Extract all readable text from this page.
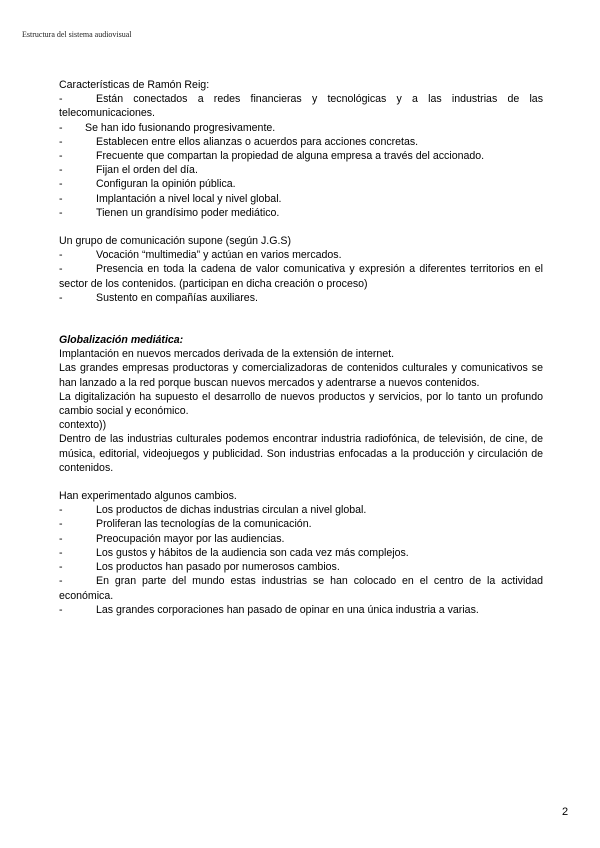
Estructura del sistema audiovisual

Características de Ramón Reig:

-	Están conectados a redes financieras y tecnológicas y a las industrias de las telecomunicaciones.
- Se han ido fusionando progresivamente.
-	Establecen entre ellos alianzas o acuerdos para acciones concretas.
-	Frecuente que compartan la propiedad de alguna empresa a través del accionado.
-	Fijan el orden del día.
-	Configuran la opinión pública.
-	Implantación a nivel local y nivel global.
-	Tienen un grandísimo poder mediático.

Un grupo de comunicación supone (según J.G.S)

-	Vocación “multimedia” y actúan en varios mercados.
-	Presencia en toda la cadena de valor comunicativa y expresión a diferentes territorios en el sector de los contenidos. (participan en dicha creación o proceso)
-	Sustento en compañías auxiliares.

Globalización mediática:

Implantación en nuevos mercados derivada de la extensión de internet.

Las grandes empresas productoras y comercializadoras de contenidos culturales y comunicativos se han lanzado a la red porque buscan nuevos mercados y adentrarse a nuevos contenidos.

La digitalización ha supuesto el desarrollo de nuevos productos y servicios, por lo tanto un profundo cambio social y económico.

contexto))

Dentro de las industrias culturales podemos encontrar industria radiofónica, de televisión, de cine, de música, editorial, videojuegos y publicidad. Son industrias enfocadas a la producción y circulación de contenidos.

Han experimentado algunos cambios.

-	Los productos de dichas industrias circulan a nivel global.
-	Proliferan las tecnologías de la comunicación.
-	Preocupación mayor por las audiencias.
-	Los gustos y hábitos de la audiencia son cada vez más complejos.
-	Los productos han pasado por numerosos cambios.
-	En gran parte del mundo estas industrias se han colocado en el centro de la actividad económica.
-	Las grandes corporaciones han pasado de opinar en una única industria a varias.
2
